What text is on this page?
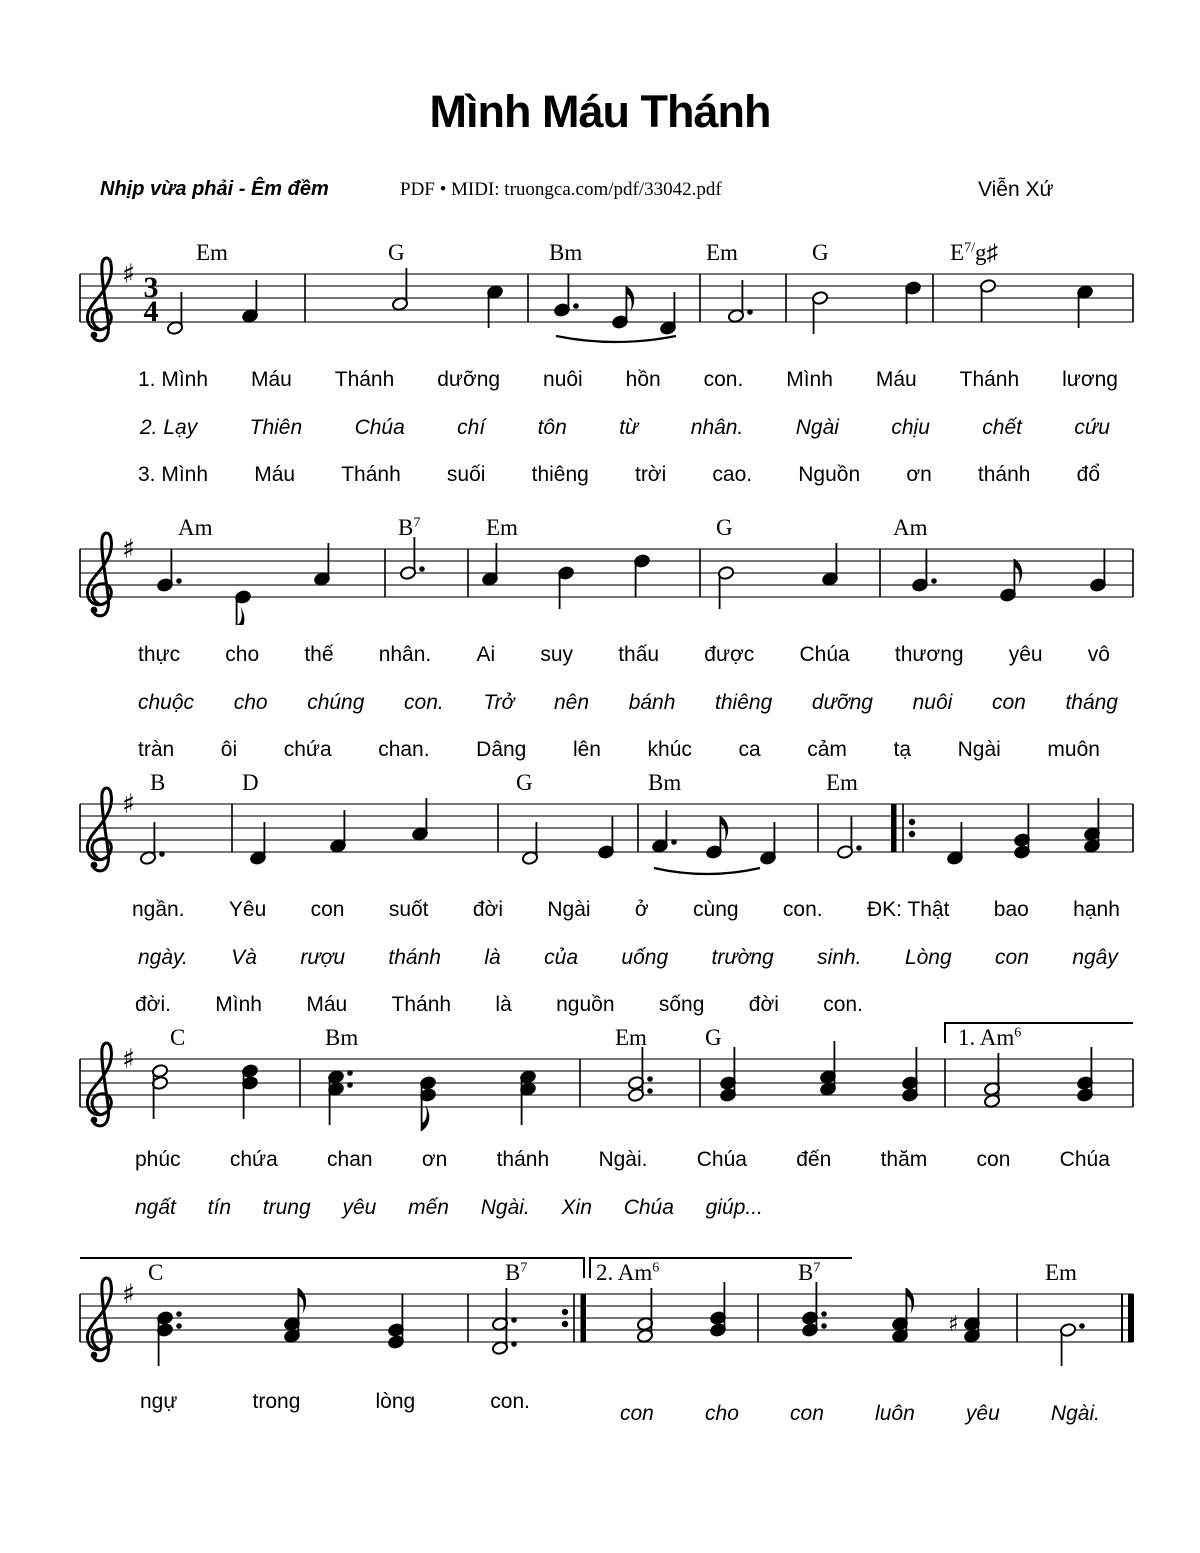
Mình Máu Thánh
Nhịp vừa phải - Êm đềm	PDF • MIDI: truongca.com/pdf/33042.pdf	Viễn Xứ
♯ 3
4
Em	G	Bm	Em	G	$E^{7/}g♯$
1. Mình Máu Thánh dưỡng nuôi hồn con. Mình Máu Thánh lương
2. Lạy Thiên Chúa chí tôn từ nhân. Ngài chịu chết cứu
3. Mình Máu Thánh suối thiêng trời cao. Nguồn ơn thánh đổ
♯
Am	$B^7$	Em	G	Am
thực cho thế nhân. Ai suy thấu được Chúa thương yêu vô
chuộc cho chúng con. Trở nên bánh thiêng dưỡng nuôi con tháng
tràn ôi chứa chan. Dâng lên khúc ca cảm tạ Ngài muôn
♯
B	D	G	Bm	Em
ngần. Yêu con suốt đời Ngài ở cùng con. ĐK: Thật bao hạnh
ngày. Và rượu thánh là của uống trường sinh. Lòng con ngây
đời. Mình Máu Thánh là nguồn sống đời con.
♯
C	Bm	Em	G	1. Am$^6$
phúc chứa chan ơn thánh Ngài. Chúa đến thăm con Chúa
ngất tín trung yêu mến Ngài. Xin Chúa giúp...
♯
♯
C	$B^7$	2. Am$^6$	$B^7$	Em
ngự	trong	lòng	con.
con cho con luôn yêu Ngài.
